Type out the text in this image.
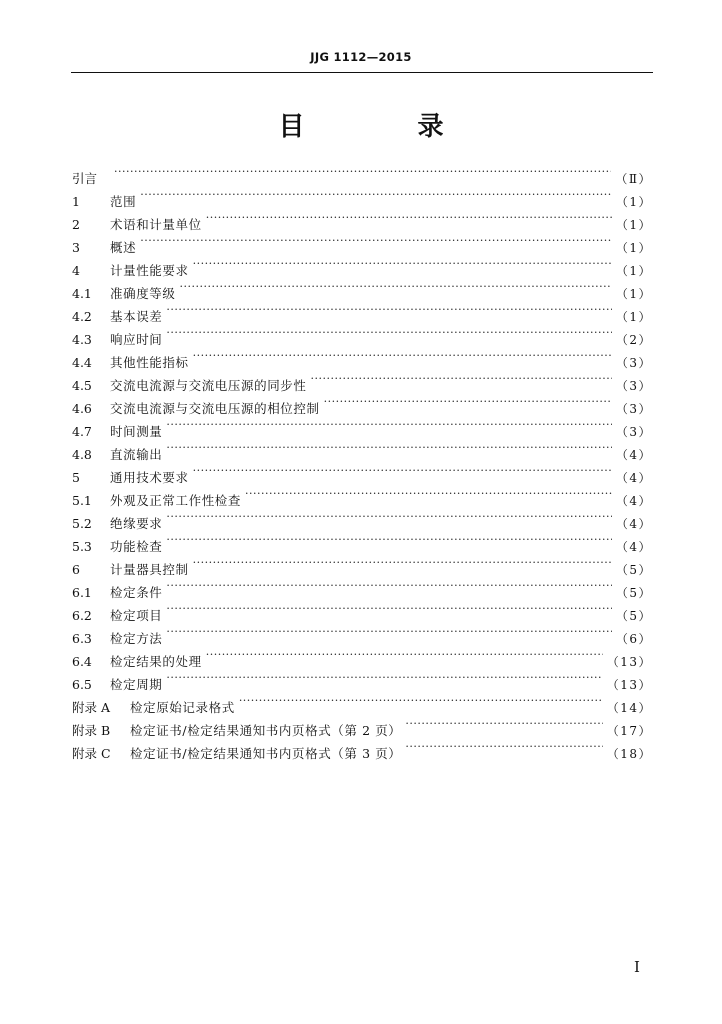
JJG 1112—2015
目 录
引言 ·····	（Ⅱ）
1	范围 ·····	（1）
2	术语和计量单位 ·····	（1）
3	概述 ·····	（1）
4	计量性能要求 ·····	（1）
4.1	准确度等级 ·····	（1）
4.2	基本误差 ·····	（1）
4.3	响应时间 ·····	（2）
4.4	其他性能指标 ·····	（3）
4.5	交流电流源与交流电压源的同步性 ·····	（3）
4.6	交流电流源与交流电压源的相位控制 ·····	（3）
4.7	时间测量 ·····	（3）
4.8	直流输出 ·····	（4）
5	通用技术要求 ·····	（4）
5.1	外观及正常工作性检查 ·····	（4）
5.2	绝缘要求 ·····	（4）
5.3	功能检查 ·····	（4）
6	计量器具控制 ·····	（5）
6.1	检定条件 ·····	（5）
6.2	检定项目 ·····	（5）
6.3	检定方法 ·····	（6）
6.4	检定结果的处理 ·····	（13）
6.5	检定周期 ·····	（13）
附录 A	检定原始记录格式 ·····	（14）
附录 B	检定证书/检定结果通知书内页格式（第 2 页） ·····	（17）
附录 C	检定证书/检定结果通知书内页格式（第 3 页） ·····	（18）
I
